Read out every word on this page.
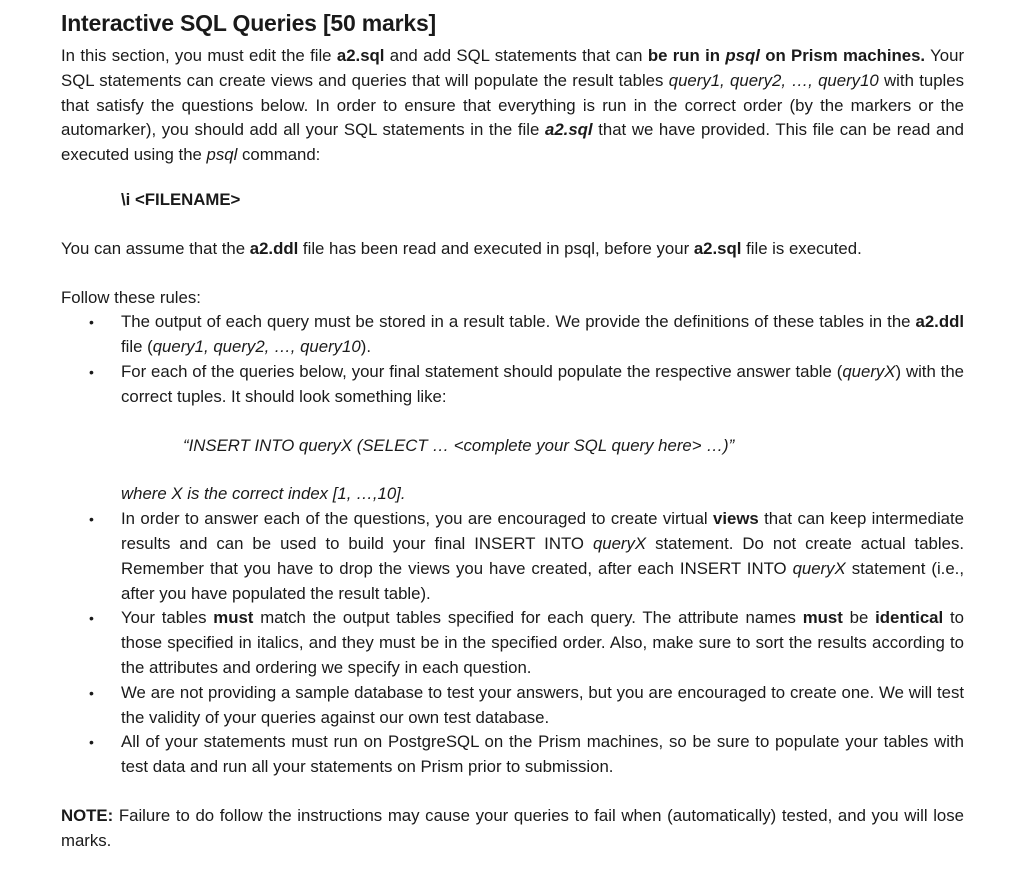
Interactive SQL Queries [50 marks]

In this section, you must edit the file a2.sql and add SQL statements that can be run in psql on Prism machines. Your SQL statements can create views and queries that will populate the result tables query1, query2, …, query10 with tuples that satisfy the questions below. In order to ensure that everything is run in the correct order (by the markers or the automarker), you should add all your SQL statements in the file a2.sql that we have provided. This file can be read and executed using the psql command:

\i <FILENAME>

You can assume that the a2.ddl file has been read and executed in psql, before your a2.sql file is executed.

Follow these rules:
• The output of each query must be stored in a result table. We provide the definitions of these tables in the a2.ddl file (query1, query2, …, query10).
• For each of the queries below, your final statement should populate the respective answer table (queryX) with the correct tuples. It should look something like:
“INSERT INTO queryX (SELECT … <complete your SQL query here> …)”
where X is the correct index [1, …,10].
• In order to answer each of the questions, you are encouraged to create virtual views that can keep intermediate results and can be used to build your final INSERT INTO queryX statement. Do not create actual tables. Remember that you have to drop the views you have created, after each INSERT INTO queryX statement (i.e., after you have populated the result table).
• Your tables must match the output tables specified for each query. The attribute names must be identical to those specified in italics, and they must be in the specified order. Also, make sure to sort the results according to the attributes and ordering we specify in each question.
• We are not providing a sample database to test your answers, but you are encouraged to create one. We will test the validity of your queries against our own test database.
• All of your statements must run on PostgreSQL on the Prism machines, so be sure to populate your tables with test data and run all your statements on Prism prior to submission.

NOTE: Failure to do follow the instructions may cause your queries to fail when (automatically) tested, and you will lose marks.
